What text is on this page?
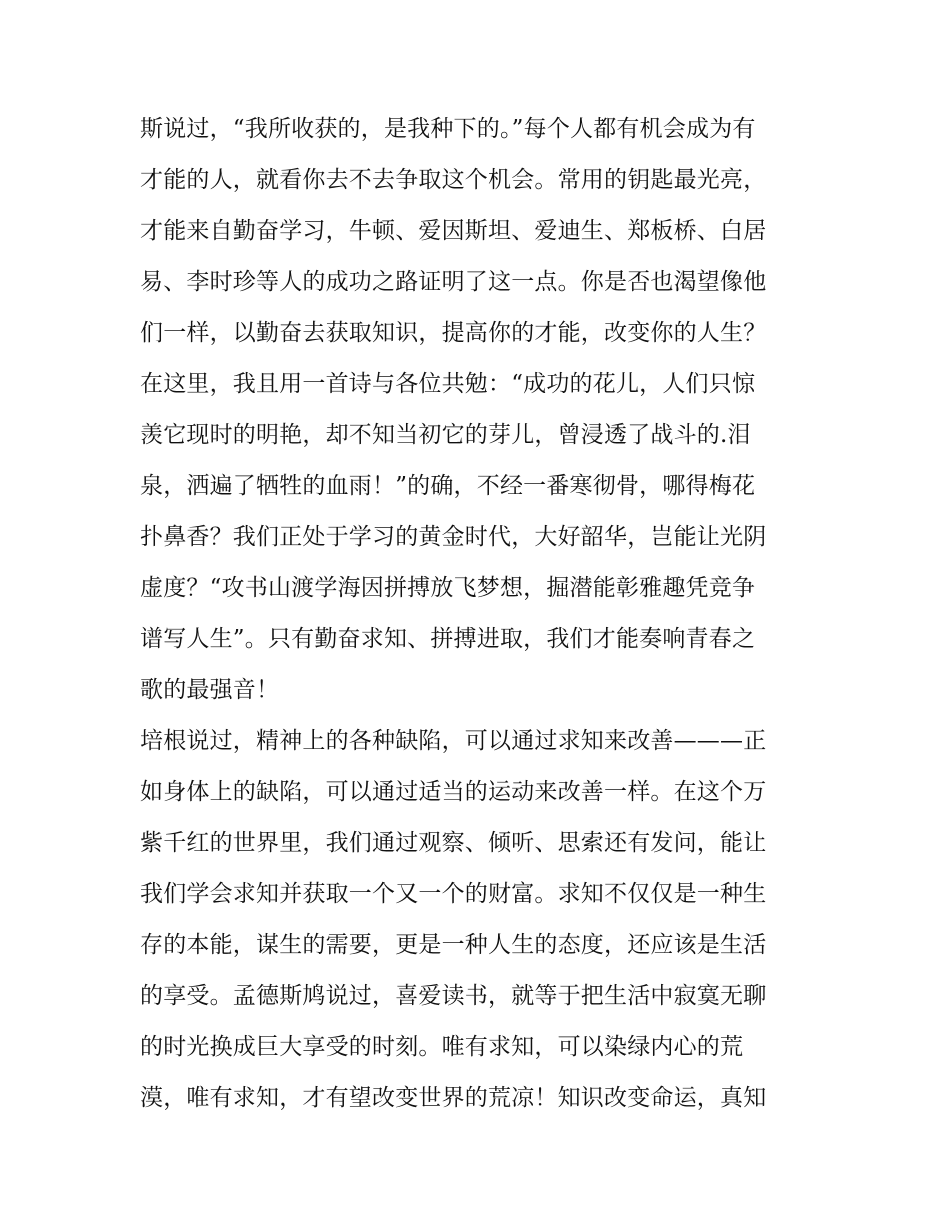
斯说过，“我所收获的，是我种下的。”每个人都有机会成为有
才能的人，就看你去不去争取这个机会。常用的钥匙最光亮，
才能来自勤奋学习，牛顿、爱因斯坦、爱迪生、郑板桥、白居
易、李时珍等人的成功之路证明了这一点。你是否也渴望像他
们一样，以勤奋去获取知识，提高你的才能，改变你的人生？
在这里，我且用一首诗与各位共勉：“成功的花儿，人们只惊
羡它现时的明艳，却不知当初它的芽儿，曾浸透了战斗的.泪
泉，洒遍了牺牲的血雨！”的确，不经一番寒彻骨，哪得梅花
扑鼻香？我们正处于学习的黄金时代，大好韶华，岂能让光阴
虚度？“攻书山渡学海因拼搏放飞梦想，掘潜能彰雅趣凭竞争
谱写人生”。只有勤奋求知、拼搏进取，我们才能奏响青春之
歌的最强音！
培根说过，精神上的各种缺陷，可以通过求知来改善———正
如身体上的缺陷，可以通过适当的运动来改善一样。在这个万
紫千红的世界里，我们通过观察、倾听、思索还有发问，能让
我们学会求知并获取一个又一个的财富。求知不仅仅是一种生
存的本能，谋生的需要，更是一种人生的态度，还应该是生活
的享受。孟德斯鸠说过，喜爱读书，就等于把生活中寂寞无聊
的时光换成巨大享受的时刻。唯有求知，可以染绿内心的荒
漠，唯有求知，才有望改变世界的荒凉！知识改变命运，真知
